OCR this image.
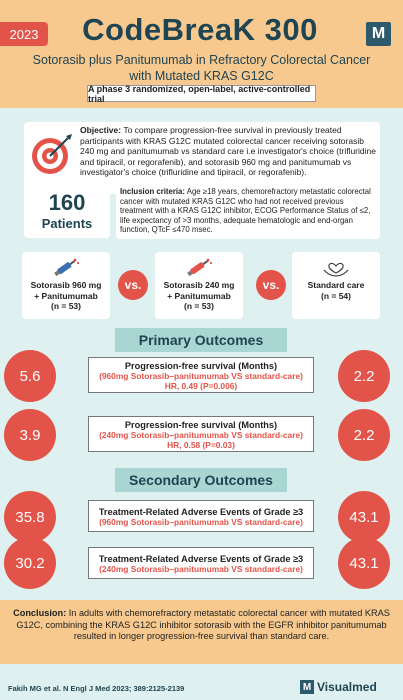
2023	CodeBreaK 300	M
Sotorasib plus Panitumumab in Refractory Colorectal Cancer with Mutated KRAS G12C
A phase 3 randomized, open-label, active-controlled trial
Objective: To compare progression-free survival in previously treated participants with KRAS G12C mutated colorectal cancer receiving sotorasib 240 mg and panitumumab vs standard care i.e investigator's choice (trifluridine and tipiracil, or regorafenib), and sotorasib 960 mg and panitumumab vs investigator's choice (trifluridine and tipiracil, or regorafenib).
160
Patients
Inclusion criteria: Age ≥18 years, chemorefractory metastatic colorectal cancer with mutated KRAS G12C who had not received previous treatment with a KRAS G12C inhibitor, ECOG Performance Status of ≤2, life expectancy of >3 months, adequate hematologic and end-organ function, QTcF ≤470 msec.
Sotorasib 960 mg
+ Panitumumab
(n = 53)
vs.	Sotorasib 240 mg
+ Panitumumab
(n = 53)
vs.	Standard care
(n = 54)
Primary Outcomes
5.6
Progression-free survival (Months)
(960mg Sotorasib–panitumumab VS standard-care)
HR, 0.49 (P=0.006)
2.2
3.9
Progression-free survival (Months)
(240mg Sotorasib–panitumumab VS standard-care)
HR, 0.58 (P=0.03)
2.2
Secondary Outcomes
35.8	Treatment-Related Adverse Events of Grade ≥3
(960mg Sotorasib–panitumumab VS standard-care)	43.1
30.2	Treatment-Related Adverse Events of Grade ≥3
(240mg Sotorasib–panitumumab VS standard-care)	43.1
Conclusion: In adults with chemorefractory metastatic colorectal cancer with mutated KRAS G12C, combining the KRAS G12C inhibitor sotorasib with the EGFR inhibitor panitumumab resulted in longer progression-free survival than standard care.
Fakih MG et al. N Engl J Med 2023; 389:2125-2139	M Visualmed
